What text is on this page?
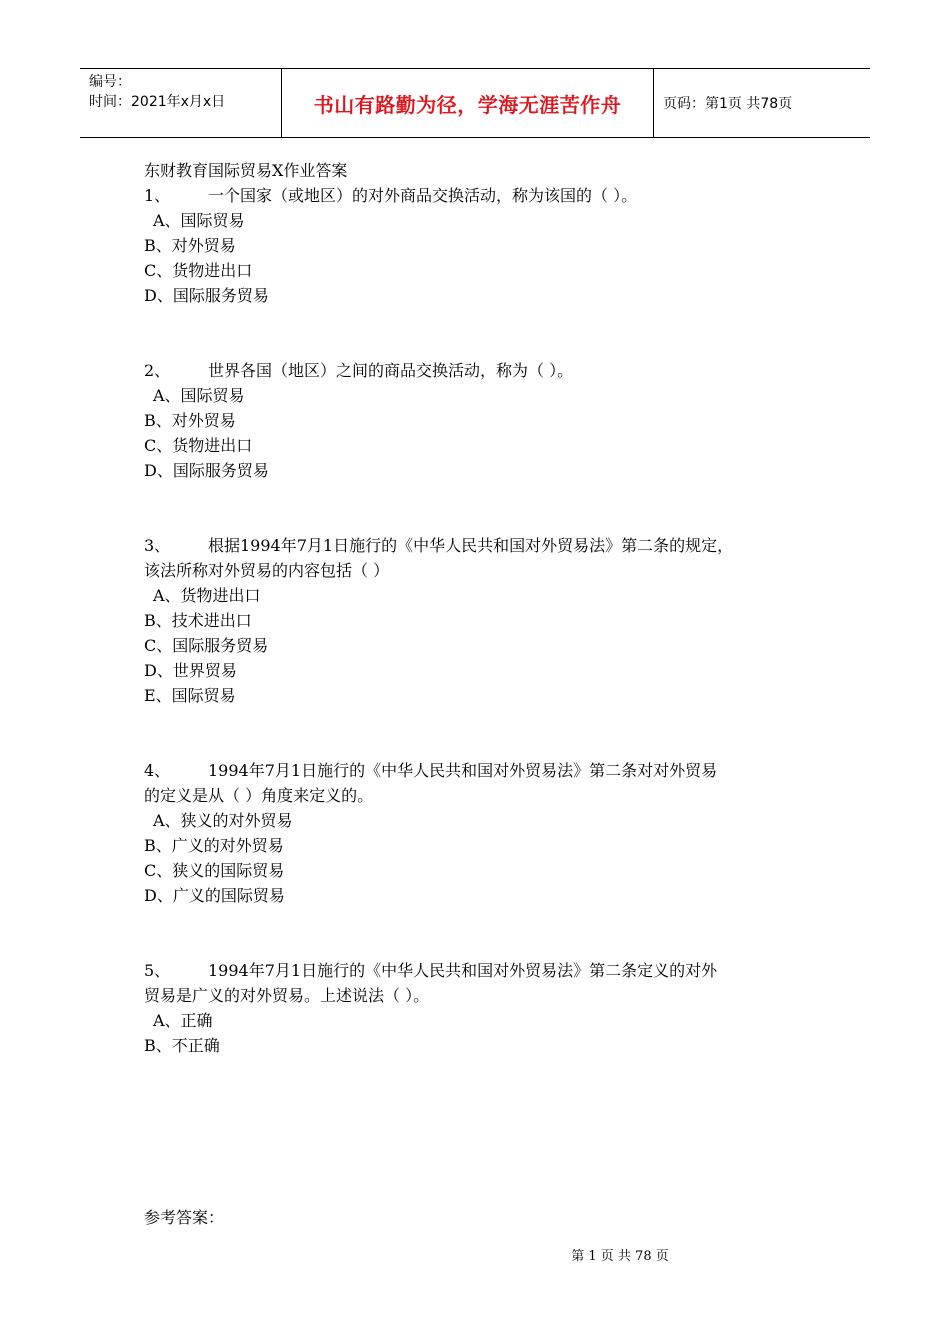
编号：
时间：2021年x月x日	书山有路勤为径，学海无涯苦作舟	页码：第1页 共78页
东财教育国际贸易X作业答案
1、 一个国家（或地区）的对外商品交换活动，称为该国的（ ）。
A、国际贸易
B、对外贸易
C、货物进出口
D、国际服务贸易
2、 世界各国（地区）之间的商品交换活动，称为（ ）。
A、国际贸易
B、对外贸易
C、货物进出口
D、国际服务贸易
3、 根据1994年7月1日施行的《中华人民共和国对外贸易法》第二条的规定，
该法所称对外贸易的内容包括（ ）
A、货物进出口
B、技术进出口
C、国际服务贸易
D、世界贸易
E、国际贸易
4、 1994年7月1日施行的《中华人民共和国对外贸易法》第二条对对外贸易
的定义是从（ ）角度来定义的。
A、狭义的对外贸易
B、广义的对外贸易
C、狭义的国际贸易
D、广义的国际贸易
5、 1994年7月1日施行的《中华人民共和国对外贸易法》第二条定义的对外
贸易是广义的对外贸易。上述说法（ ）。
A、正确
B、不正确
参考答案：
第 1 页 共 78 页
